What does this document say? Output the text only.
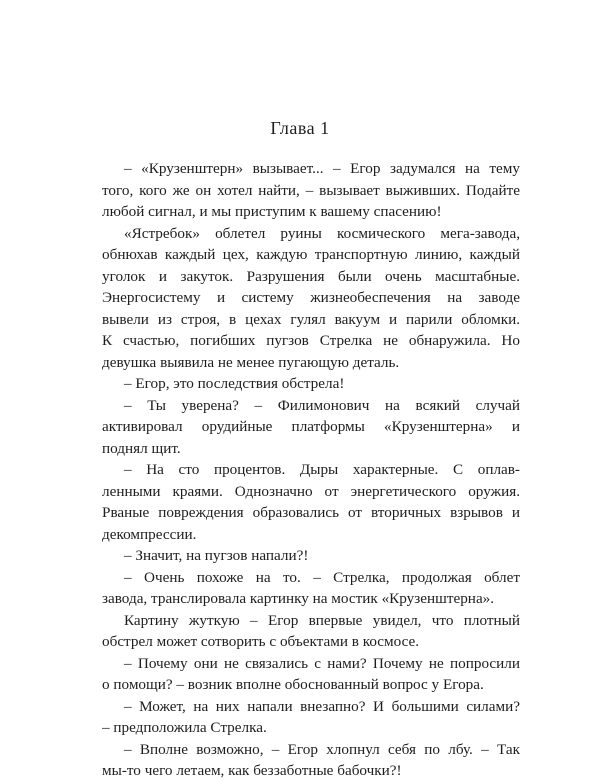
Глава 1
– «Крузенштерн» вызывает... – Егор задумался на тему
того, кого же он хотел найти, – вызывает выживших. Подайте
любой сигнал, и мы приступим к вашему спасению!
«Ястребок» облетел руины космического мега-завода,
обнюхав каждый цех, каждую транспортную линию, каждый
уголок и закуток. Разрушения были очень масштабные.
Энергосистему и систему жизнеобеспечения на заводе
вывели из строя, в цехах гулял вакуум и парили обломки.
К счастью, погибших пугзов Стрелка не обнаружила. Но
девушка выявила не менее пугающую деталь.
– Егор, это последствия обстрела!
– Ты уверена? – Филимонович на всякий случай
активировал орудийные платформы «Крузенштерна» и
поднял щит.
– На сто процентов. Дыры характерные. С оплав-
ленными краями. Однозначно от энергетического оружия.
Рваные повреждения образовались от вторичных взрывов и
декомпрессии.
– Значит, на пугзов напали?!
– Очень похоже на то. – Стрелка, продолжая облет
завода, транслировала картинку на мостик «Крузенштерна».
Картину жуткую – Егор впервые увидел, что плотный
обстрел может сотворить с объектами в космосе.
– Почему они не связались с нами? Почему не попросили
о помощи? – возник вполне обоснованный вопрос у Егора.
– Может, на них напали внезапно? И большими силами?
– предположила Стрелка.
– Вполне возможно, – Егор хлопнул себя по лбу. – Так
мы-то чего летаем, как беззаботные бабочки?!
